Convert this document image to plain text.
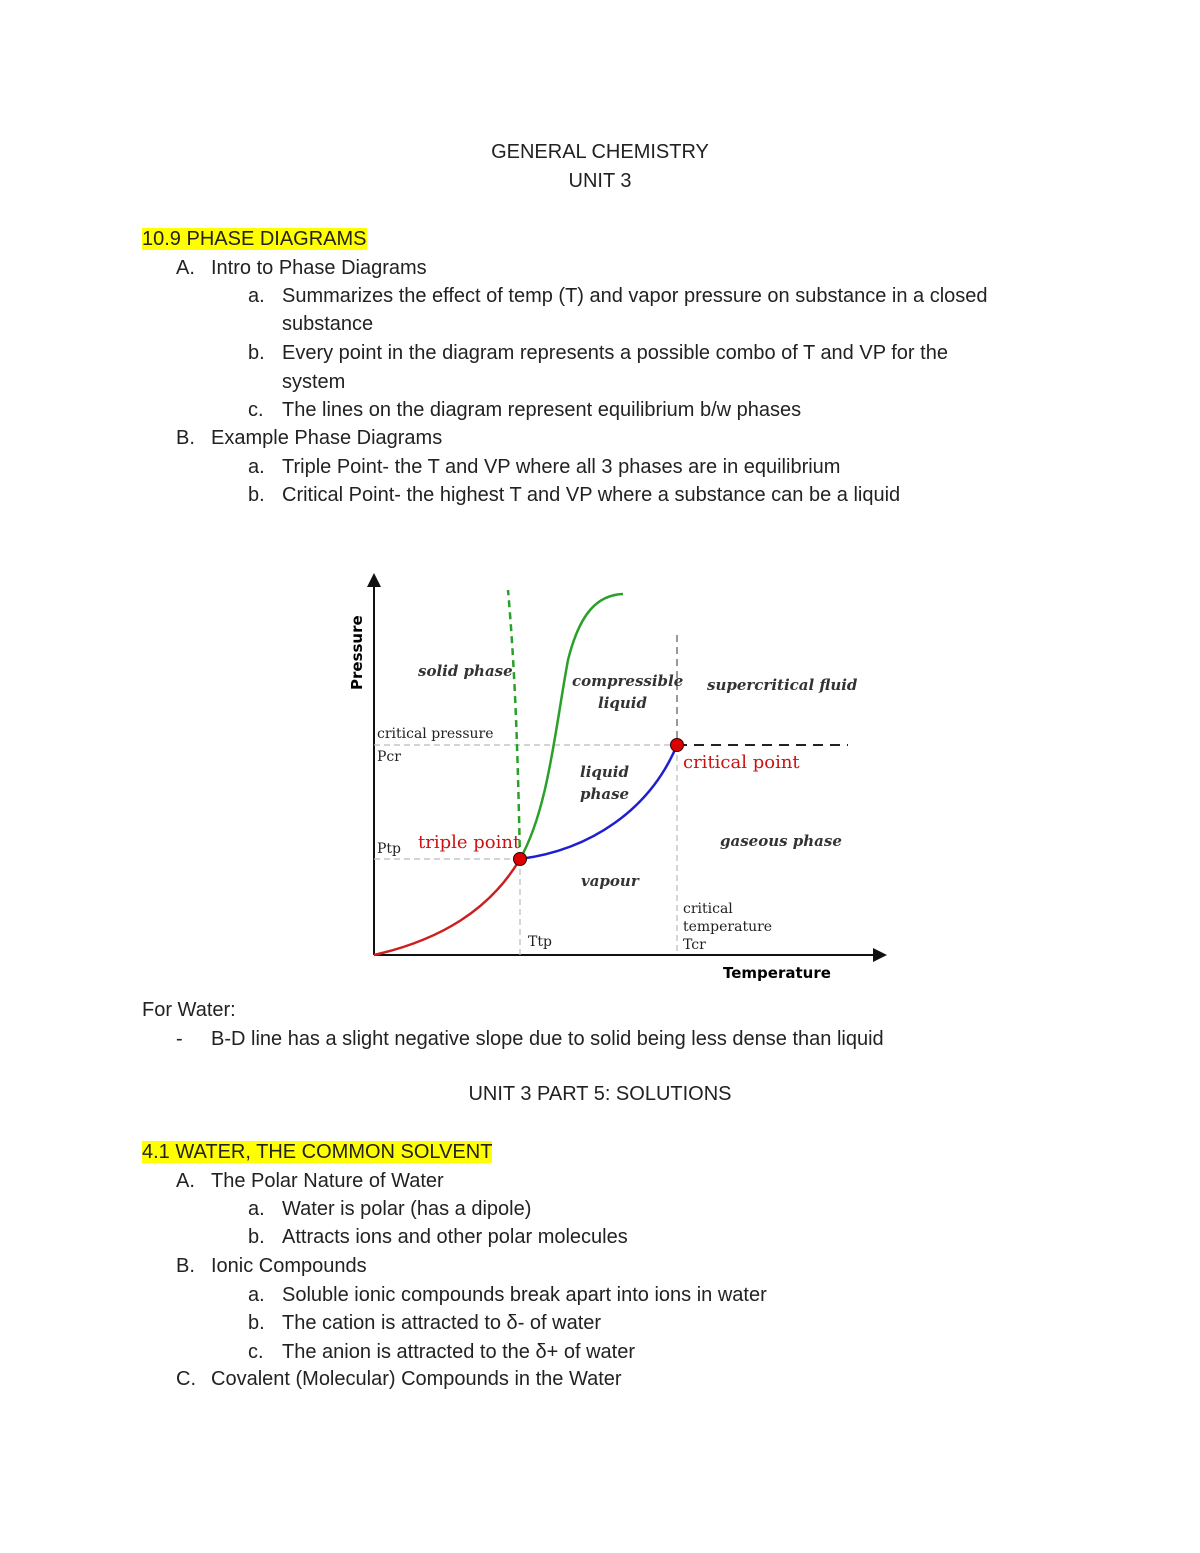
GENERAL CHEMISTRY
UNIT 3
10.9 PHASE DIAGRAMS
A. Intro to Phase Diagrams
a. Summarizes the effect of temp (T) and vapor pressure on substance in a closed
substance
b. Every point in the diagram represents a possible combo of T and VP for the
system
c. The lines on the diagram represent equilibrium b/w phases
B. Example Phase Diagrams
a. Triple Point- the T and VP where all 3 phases are in equilibrium
b. Critical Point- the highest T and VP where a substance can be a liquid
Pressure
Temperature
solid phase
compressible
liquid
supercritical fluid
liquid
phase
gaseous phase
vapour
critical pressure
Pcr
Ptp triple point
critical point
Ttp
critical
temperature
Tcr
For Water:
- B-D line has a slight negative slope due to solid being less dense than liquid
UNIT 3 PART 5: SOLUTIONS
4.1 WATER, THE COMMON SOLVENT
A. The Polar Nature of Water
a. Water is polar (has a dipole)
b. Attracts ions and other polar molecules
B. Ionic Compounds
a. Soluble ionic compounds break apart into ions in water
b. The cation is attracted to δ- of water
c. The anion is attracted to the δ+ of water
C. Covalent (Molecular) Compounds in the Water
